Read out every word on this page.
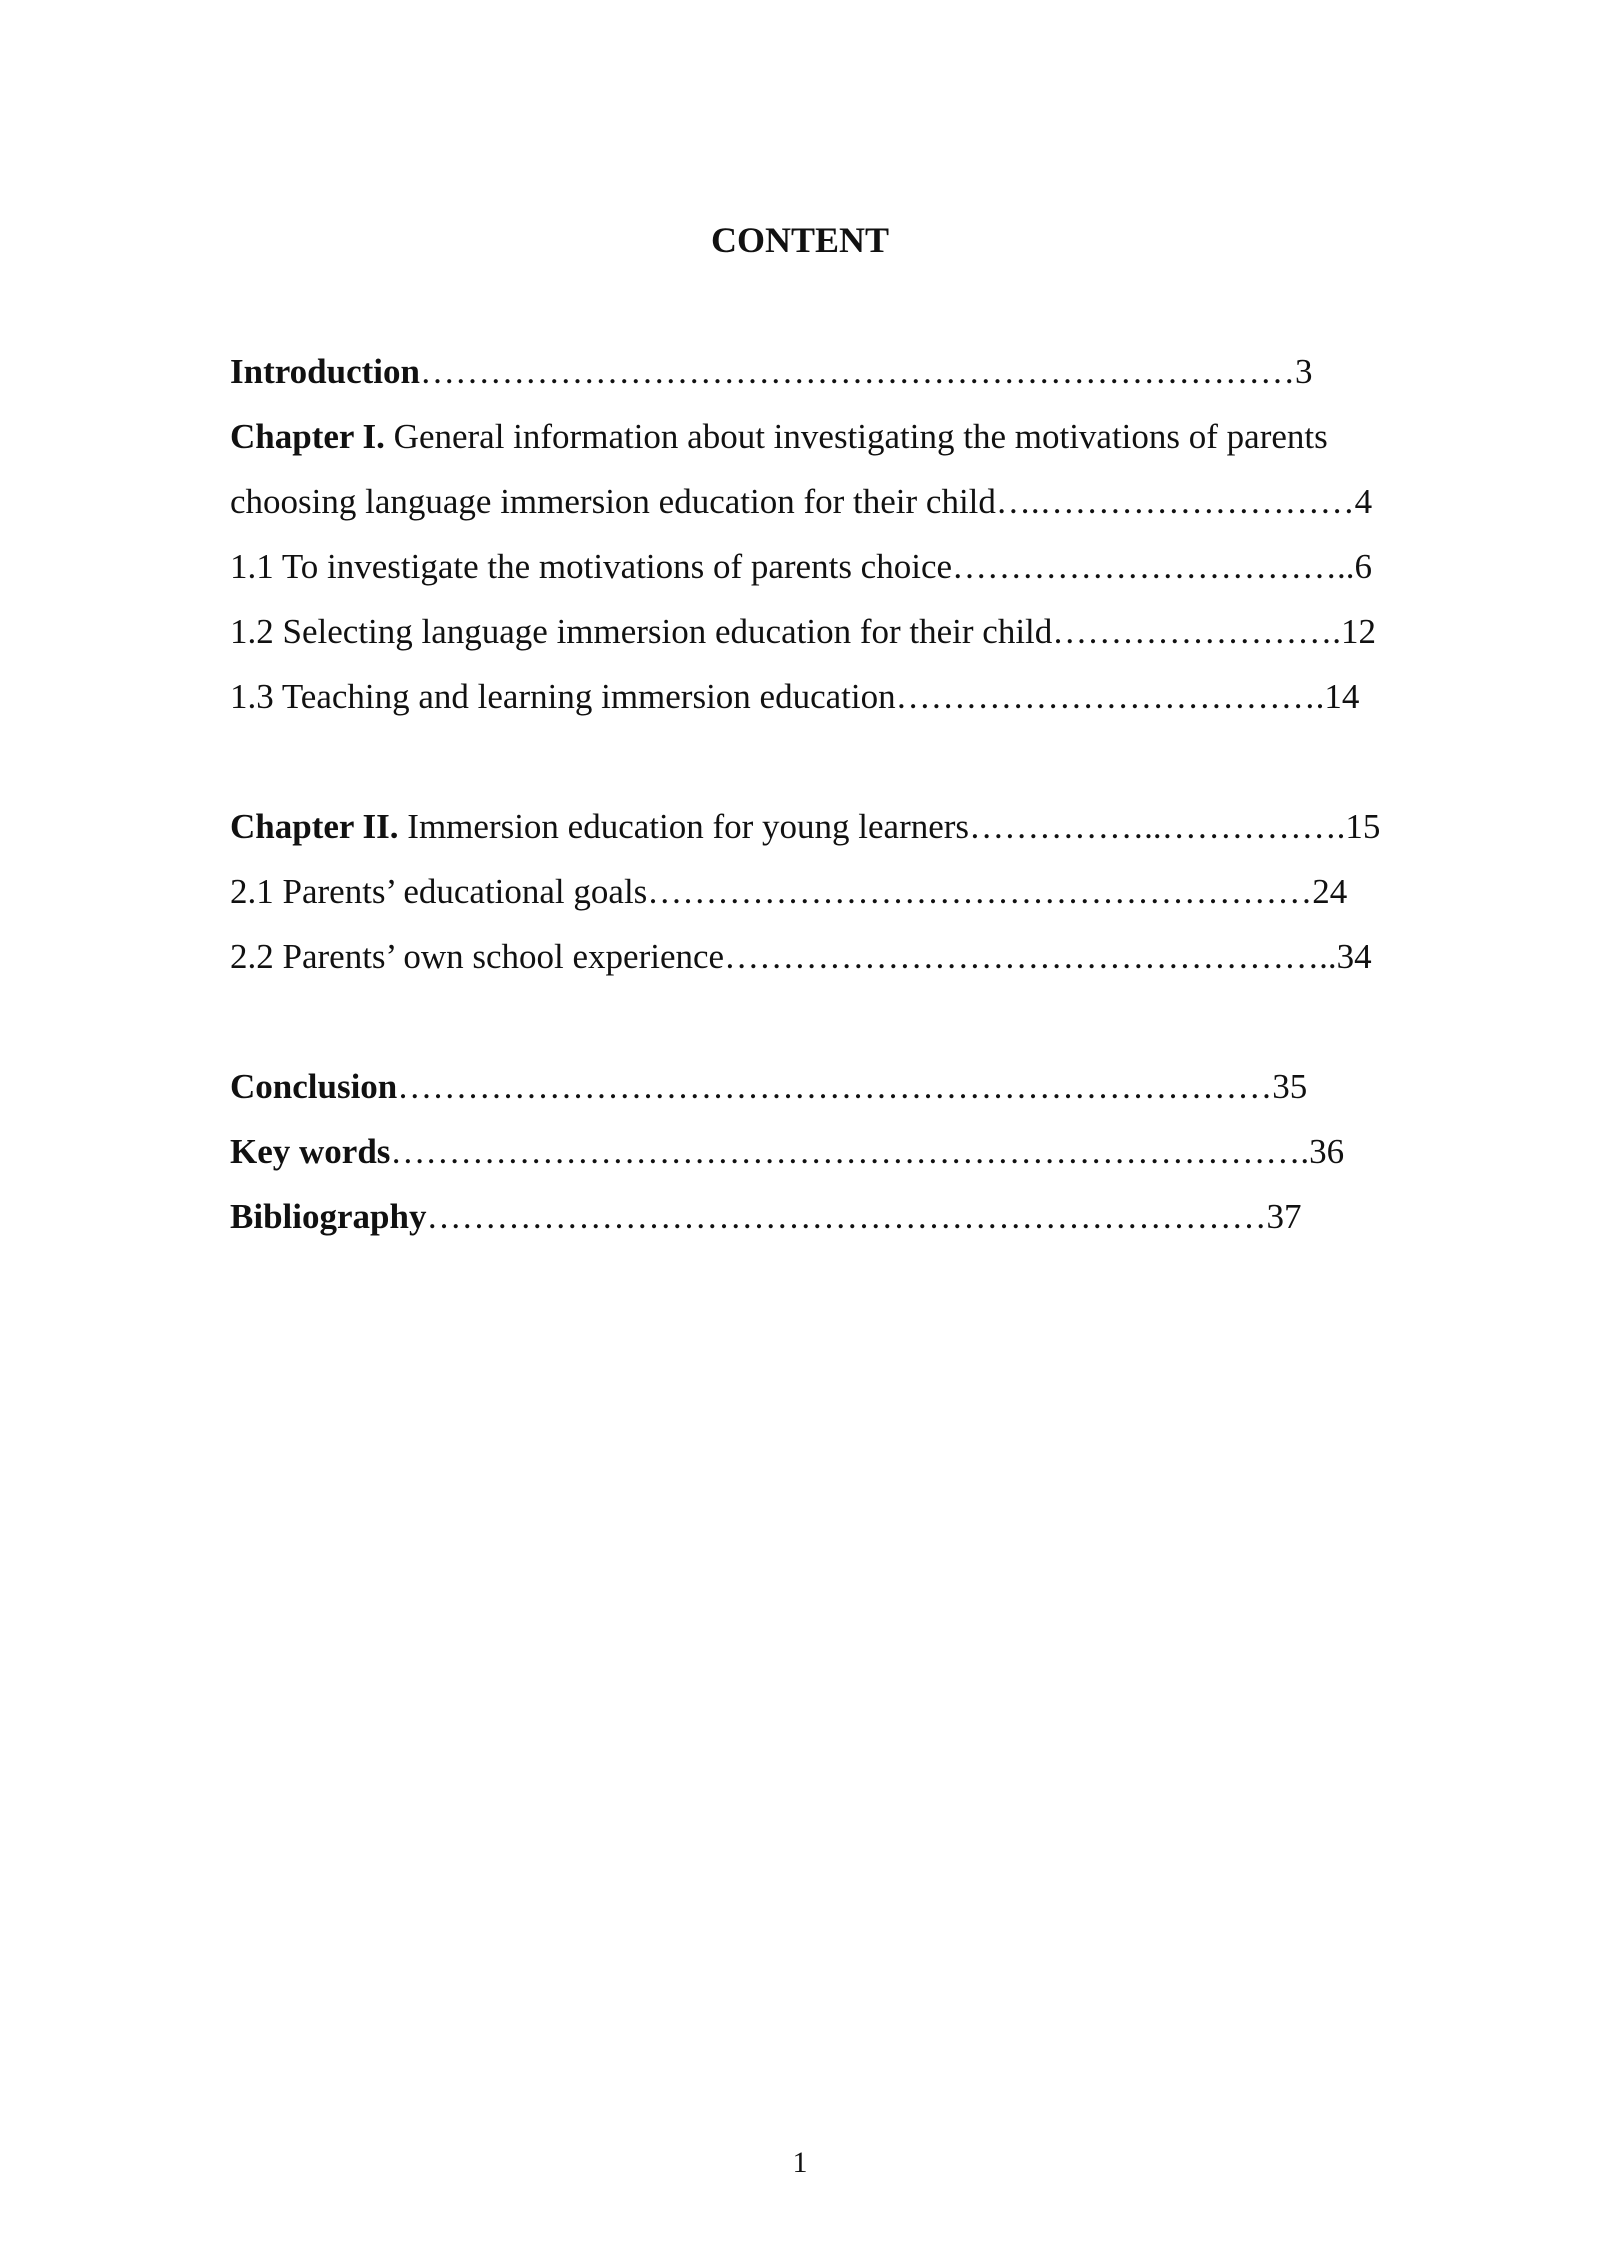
CONTENT
Introduction…………………………………………………………………3
Chapter I. General information about investigating the motivations of parents
choosing language immersion education for their child….………………………4
1.1 To investigate the motivations of parents choice……………………………..6
1.2 Selecting language immersion education for their child…………………….12
1.3 Teaching and learning immersion education……………………………….14
Chapter II. Immersion education for young learners……………..…………….15
2.1 Parents’ educational goals…………………………………………………24
2.2 Parents’ own school experience……………………………………………..34
Conclusion…………………………………………………………………35
Key words…………………………………………………………………….36
Bibliography………………………………………………………………37
1
